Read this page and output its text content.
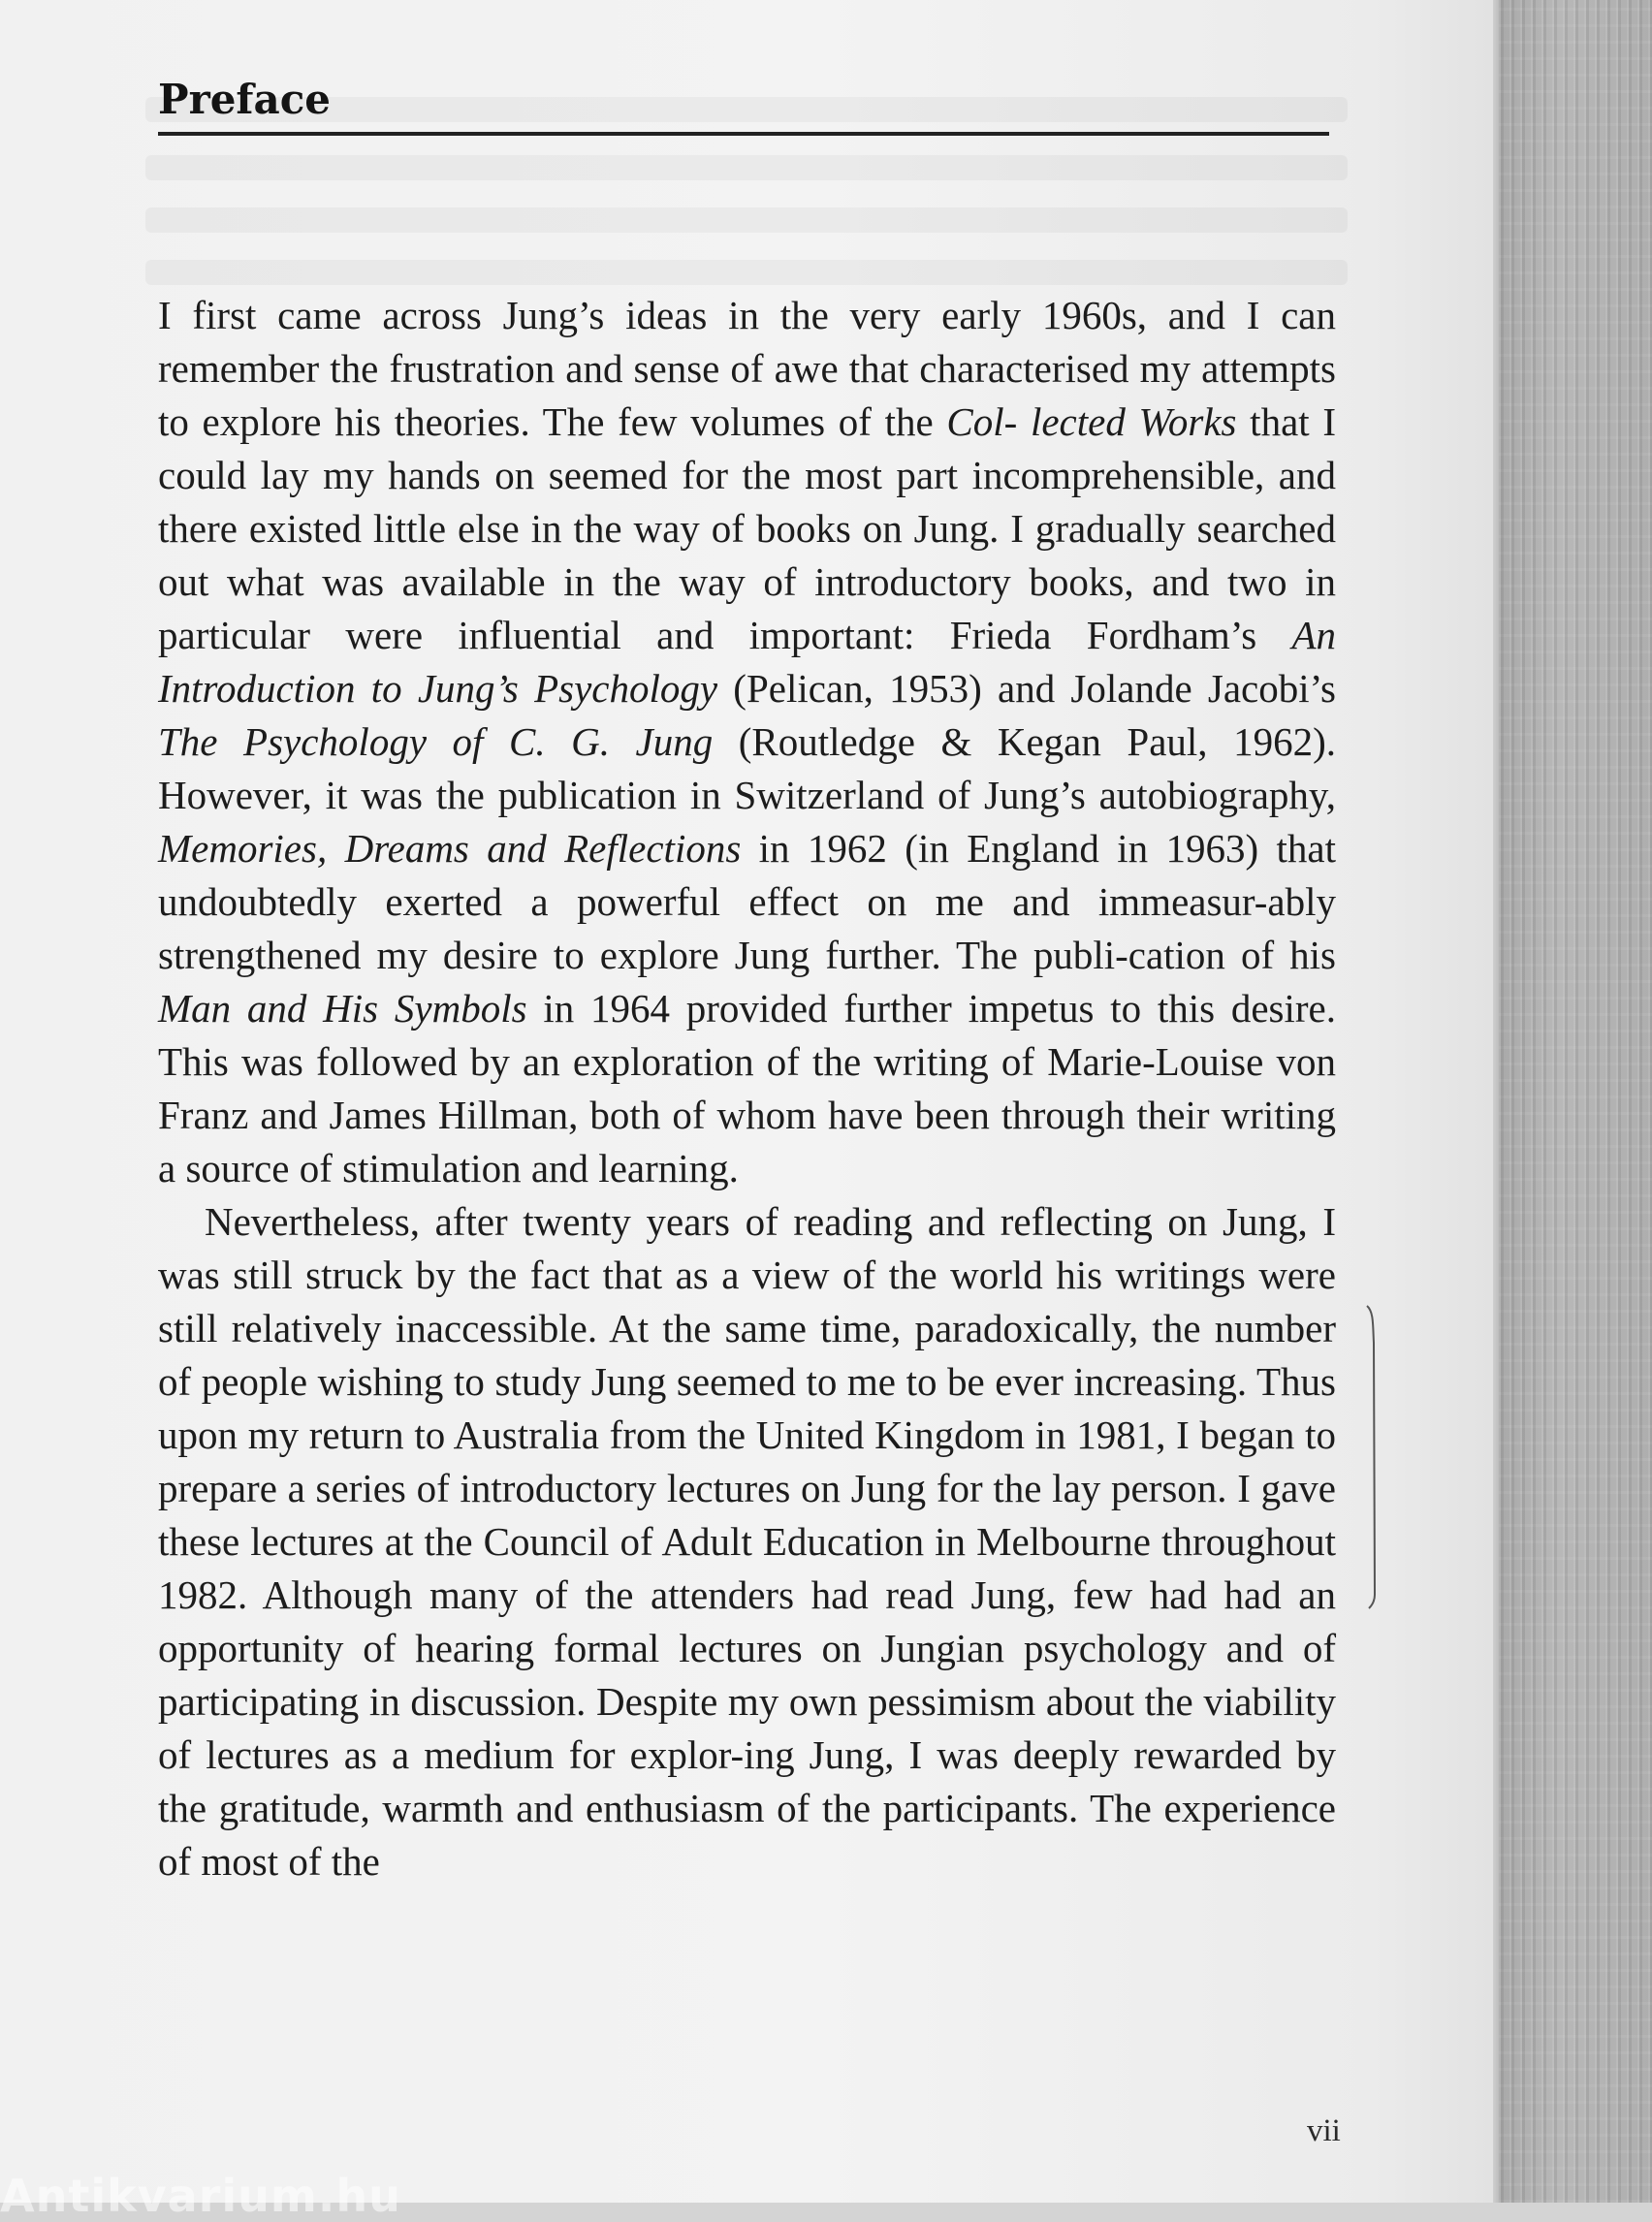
Preface

I first came across Jung’s ideas in the very early 1960s, and I can remember the frustration and sense of awe that characterised my attempts to explore his theories. The few volumes of the Col- lected Works that I could lay my hands on seemed for the most part incomprehensible, and there existed little else in the way of books on Jung. I gradually searched out what was available in the way of introductory books, and two in particular were influential and important: Frieda Fordham’s An Introduction to Jung’s Psychology (Pelican, 1953) and Jolande Jacobi’s The Psychology of C. G. Jung (Routledge & Kegan Paul, 1962). However, it was the publication in Switzerland of Jung’s autobiography, Memories, Dreams and Reflections in 1962 (in England in 1963) that undoubtedly exerted a powerful effect on me and immeasur-ably strengthened my desire to explore Jung further. The publi-cation of his Man and His Symbols in 1964 provided further impetus to this desire. This was followed by an exploration of the writing of Marie-Louise von Franz and James Hillman, both of whom have been through their writing a source of stimulation and learning.

Nevertheless, after twenty years of reading and reflecting on Jung, I was still struck by the fact that as a view of the world his writings were still relatively inaccessible. At the same time, paradoxically, the number of people wishing to study Jung seemed to me to be ever increasing. Thus upon my return to Australia from the United Kingdom in 1981, I began to prepare a series of introductory lectures on Jung for the lay person. I gave these lectures at the Council of Adult Education in Melbourne throughout 1982. Although many of the attenders had read Jung, few had had an opportunity of hearing formal lectures on Jungian psychology and of participating in discussion. Despite my own pessimism about the viability of lectures as a medium for explor-ing Jung, I was deeply rewarded by the gratitude, warmth and enthusiasm of the participants. The experience of most of the

vii
Antikvarium.hu
